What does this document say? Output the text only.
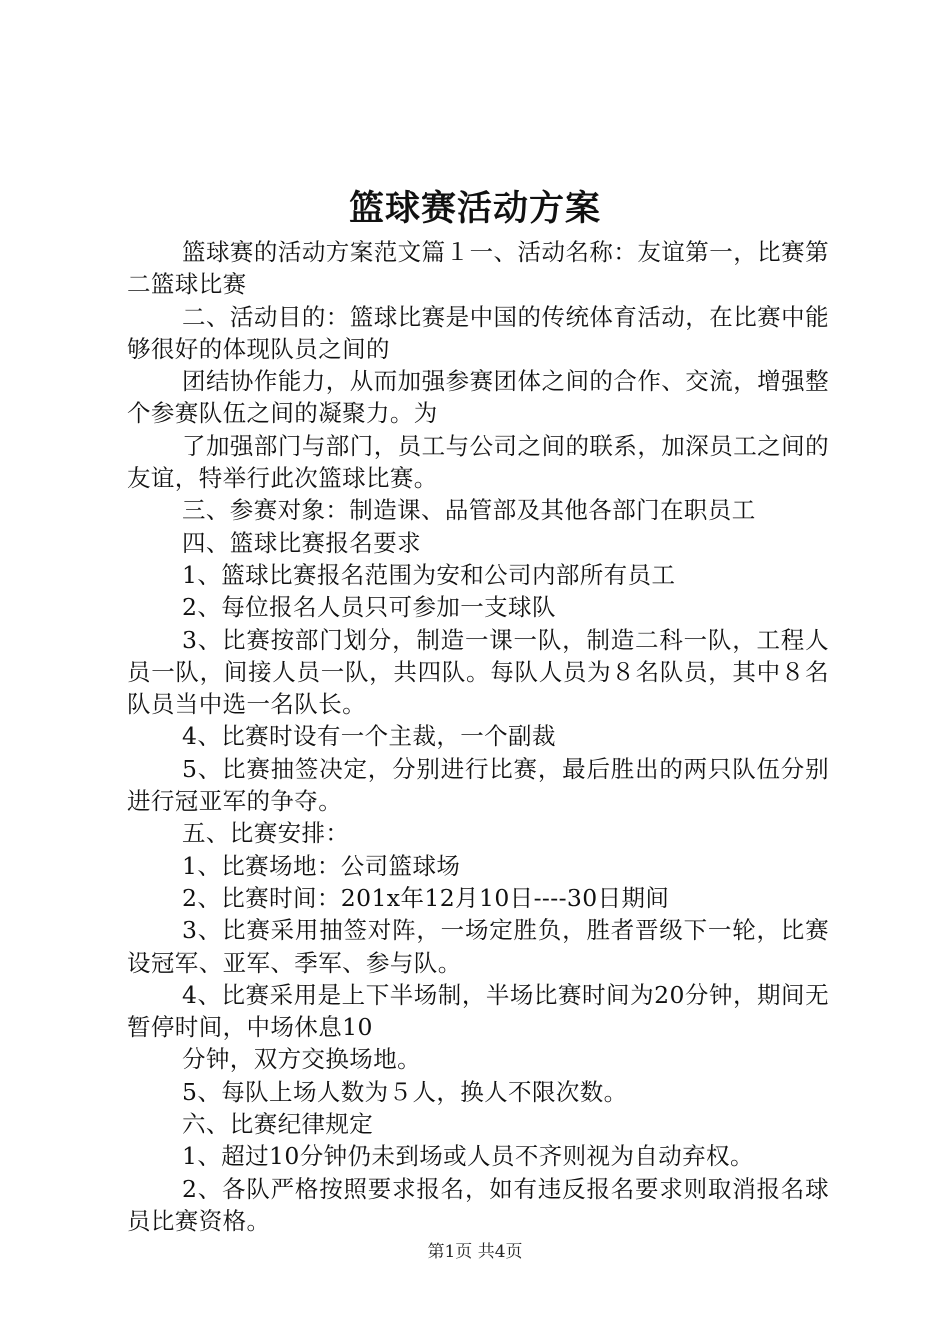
篮球赛活动方案

篮球赛的活动方案范文篇１一、活动名称：友谊第一，比赛第二篮球比赛

二、活动目的：篮球比赛是中国的传统体育活动，在比赛中能够很好的体现队员之间的

团结协作能力，从而加强参赛团体之间的合作、交流，增强整个参赛队伍之间的凝聚力。为

了加强部门与部门，员工与公司之间的联系，加深员工之间的友谊，特举行此次篮球比赛。

三、参赛对象：制造课、品管部及其他各部门在职员工

四、篮球比赛报名要求

1、篮球比赛报名范围为安和公司内部所有员工

2、每位报名人员只可参加一支球队

3、比赛按部门划分，制造一课一队，制造二科一队，工程人员一队，间接人员一队，共四队。每队人员为８名队员，其中８名队员当中选一名队长。

4、比赛时设有一个主裁，一个副裁

5、比赛抽签决定，分别进行比赛，最后胜出的两只队伍分别进行冠亚军的争夺。

五、比赛安排：

1、比赛场地：公司篮球场

2、比赛时间：201x年12月10日----30日期间

3、比赛采用抽签对阵，一场定胜负，胜者晋级下一轮，比赛设冠军、亚军、季军、参与队。

4、比赛采用是上下半场制，半场比赛时间为20分钟，期间无暂停时间，中场休息10

分钟，双方交换场地。

5、每队上场人数为５人，换人不限次数。

六、比赛纪律规定

1、超过10分钟仍未到场或人员不齐则视为自动弃权。

2、各队严格按照要求报名，如有违反报名要求则取消报名球员比赛资格。

第1页 共4页
